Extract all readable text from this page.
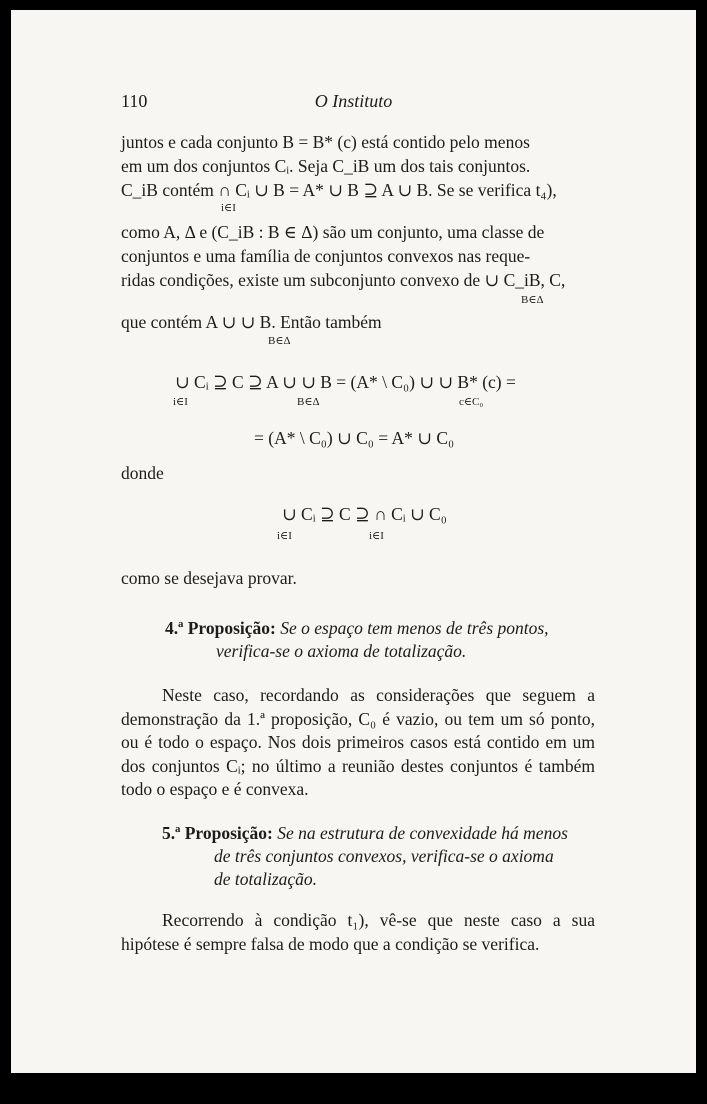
110	O Instituto
juntos e cada conjunto B = B* (c) está contido pelo menos
em um dos conjuntos Cᵢ. Seja C_iB um dos tais conjuntos.
C_iB contém ∩ Cᵢ ∪ B = A* ∪ B ⊇ A ∪ B. Se se verifica t₄),
i∈I
como A, Δ e (C_iB : B ∈ Δ) são um conjunto, uma classe de
conjuntos e uma família de conjuntos convexos nas reque-
ridas condições, existe um subconjunto convexo de ∪ C_iB, C,
B∈Δ
que contém A ∪ ∪ B. Então também
B∈Δ
∪ Cᵢ ⊇ C ⊇ A ∪ ∪ B = (A* \ C₀) ∪ ∪ B* (c) =
i∈I	B∈Δ	c∈C₀
= (A* \ C₀) ∪ C₀ = A* ∪ C₀
donde
∪ Cᵢ ⊇ C ⊇ ∩ Cᵢ ∪ C₀
i∈I	i∈I
como se desejava provar.
4.ª Proposição: Se o espaço tem menos de três pontos,
verifica-se o axioma de totalização.

Neste caso, recordando as considerações que seguem a demonstração da 1.ª proposição, C₀ é vazio, ou tem um só ponto, ou é todo o espaço. Nos dois primeiros casos está contido em um dos conjuntos Cᵢ; no último a reunião destes conjuntos é também todo o espaço e é convexa.

5.ª Proposição: Se na estrutura de convexidade há menos
de três conjuntos convexos, verifica-se o axioma
de totalização.

Recorrendo à condição t₁), vê-se que neste caso a sua hipótese é sempre falsa de modo que a condição se verifica.
